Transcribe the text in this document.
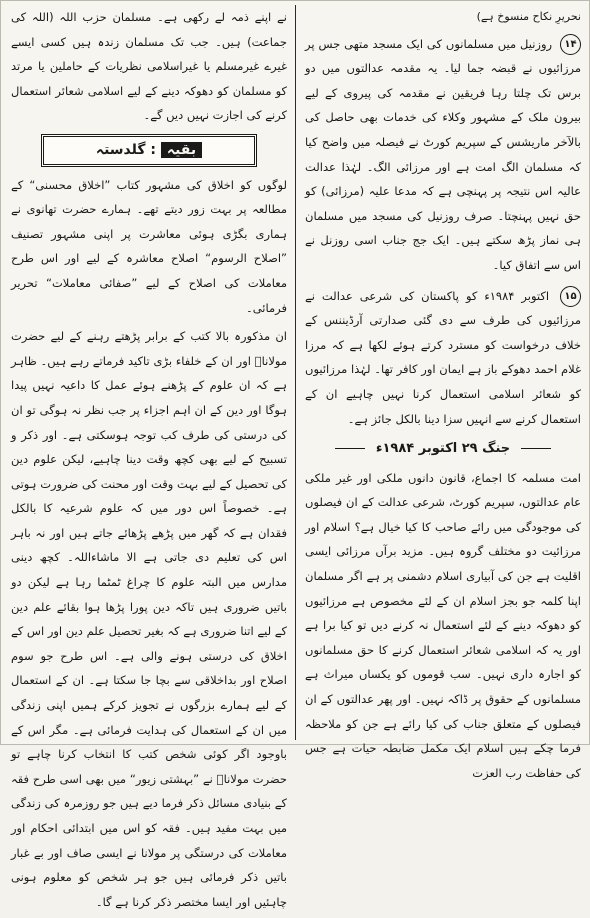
نحریرِ نکاح منسوخ ہے)

۱۴ روزنیل میں مسلمانوں کی ایک مسجد متھی جس پر مرزائیوں نے قبضہ جما لیا۔ یہ مقدمہ عدالتوں میں دو برس تک چلتا رہا فریقین نے مقدمہ کی پیروی کے لیے بیرون ملک کے مشہور وکلاء کی خدمات بھی حاصل کی بالآخر ماریشس کے سپریم کورٹ نے فیصلہ میں واضح کیا کہ مسلمان الگ امت ہے اور مرزائی الگ۔ لہٰذا عدالت عالیہ اس نتیجہ پر پہنچی ہے کہ مدعا علیہ (مرزائی) کو حق نہیں پہنچتا۔ صرف روزنیل کی مسجد میں مسلمان ہی نماز پڑھ سکتے ہیں۔ ایک جج جناب اسی روزنل نے اس سے اتفاق کیا۔

۱۵ اکتوبر ۱۹۸۴ء کو پاکستان کی شرعی عدالت نے مرزائیوں کی طرف سے دی گئی صدارتی آرڈیننس کے خلاف درخواست کو مسترد کرتے ہوئے لکھا ہے کہ مرزا غلام احمد دھوکے باز ہے ایمان اور کافر تھا۔ لہٰذا مرزائیوں کو شعائر اسلامی استعمال کرنا نہیں چاہیے ان کے استعمال کرنے سے انہیں سزا دینا بالکل جائز ہے۔

جنگ ۲۹ اکتوبر ۱۹۸۴ء

امت مسلمہ کا اجماع، قانون دانوں ملکی اور غیر ملکی عام عدالتوں، سپریم کورٹ، شرعی عدالت کے ان فیصلوں کی موجودگی میں رائے صاحب کا کیا خیال ہے؟ اسلام اور مرزائیت دو مختلف گروہ ہیں۔ مزید برآں مرزائی ایسی اقلیت ہے جن کی آبیاری اسلام دشمنی پر ہے اگر مسلمان اپنا کلمہ جو بجز اسلام ان کے لئے مخصوص ہے مرزائیوں کو دھوکہ دینے کے لئے استعمال نہ کرنے دیں تو کیا برا ہے اور یہ کہ اسلامی شعائر استعمال کرنے کا حق مسلمانوں کو اجارہ داری نہیں۔ سب قوموں کو یکساں میراث ہے مسلمانوں کے حقوق پر ڈاکہ نہیں۔ اور پھر عدالتوں کے ان فیصلوں کے متعلق جناب کی کیا رائے ہے جن کو ملاحظہ فرما چکے ہیں اسلام ایک مکمل ضابطہ حیات ہے جس کی حفاظت رب العزت

نے اپنے ذمہ لے رکھی ہے۔ مسلمان حزب اللہ (اللہ کی جماعت) ہیں۔ جب تک مسلمان زندہ ہیں کسی ایسے غیرے غیرمسلم یا غیراسلامی نظریات کے حاملین یا مرتد کو مسلمان کو دھوکہ دینے کے لیے اسلامی شعائر استعمال کرنے کی اجازت نہیں دیں گے۔

بقیہ : گلدستہ

لوگوں کو اخلاق کی مشہور کتاب ”اخلاق محسنی“ کے مطالعہ پر بہت زور دیتے تھے۔ ہمارے حضرت تھانوی نے ہماری بگڑی ہوئی معاشرت پر اپنی مشہور تصنیف ”اصلاح الرسوم“ اصلاح معاشرہ کے لیے اور اس طرح معاملات کی اصلاح کے لیے ”صفائی معاملات“ تحریر فرمائی۔

ان مذکورہ بالا کتب کے برابر پڑھتے رہنے کے لیے حضرت مولاناؒ اور ان کے خلفاء بڑی تاکید فرماتے رہے ہیں۔ ظاہر ہے کہ ان علوم کے پڑھنے ہوئے عمل کا داعیہ نہیں پیدا ہوگا اور دین کے ان اہم اجزاء پر جب نظر نہ ہوگی تو ان کی درستی کی طرف کب توجہ ہوسکتی ہے۔ اور ذکر و تسبیح کے لیے بھی کچھ وقت دینا چاہیے، لیکن علوم دین کی تحصیل کے لیے بہت وقت اور محنت کی ضرورت ہوتی ہے۔ خصوصاً اس دور میں کہ علوم شرعیہ کا بالکل فقدان ہے کہ گھر میں پڑھے پڑھائے جاتے ہیں اور نہ باہر اس کی تعلیم دی جاتی ہے الا ماشاءاللہ۔ کچھ دینی مدارس میں البتہ علوم کا چراغ ٹمٹما رہا ہے لیکن دو باتیں ضروری ہیں تاکہ دین پورا پڑھا ہوا بقائے علم دین کے لیے اتنا ضروری ہے کہ بغیر تحصیل علم دین اور اس کے اخلاق کی درستی ہونے والی ہے۔ اس طرح جو سوم اصلاح اور بداخلاقی سے بچا جا سکتا ہے۔ ان کے استعمال کے لیے ہمارے بزرگوں نے تجویز کرکے ہمیں اپنی زندگی میں ان کے استعمال کی ہدایت فرمائی ہے۔ مگر اس کے باوجود اگر کوئی شخص کتب کا انتخاب کرنا چاہے تو حضرت مولاناؒ نے ”بہشتی زیور“ میں بھی اسی طرح فقہ کے بنیادی مسائل ذکر فرما دیے ہیں جو روزمرہ کی زندگی میں بہت مفید ہیں۔ فقہ کو اس میں ابتدائی احکام اور معاملات کی درستگی پر مولانا نے ایسی صاف اور بے غبار باتیں ذکر فرمائی ہیں جو ہر شخص کو معلوم ہونی چاہئیں اور ایسا مختصر ذکر کرنا ہے گا۔
